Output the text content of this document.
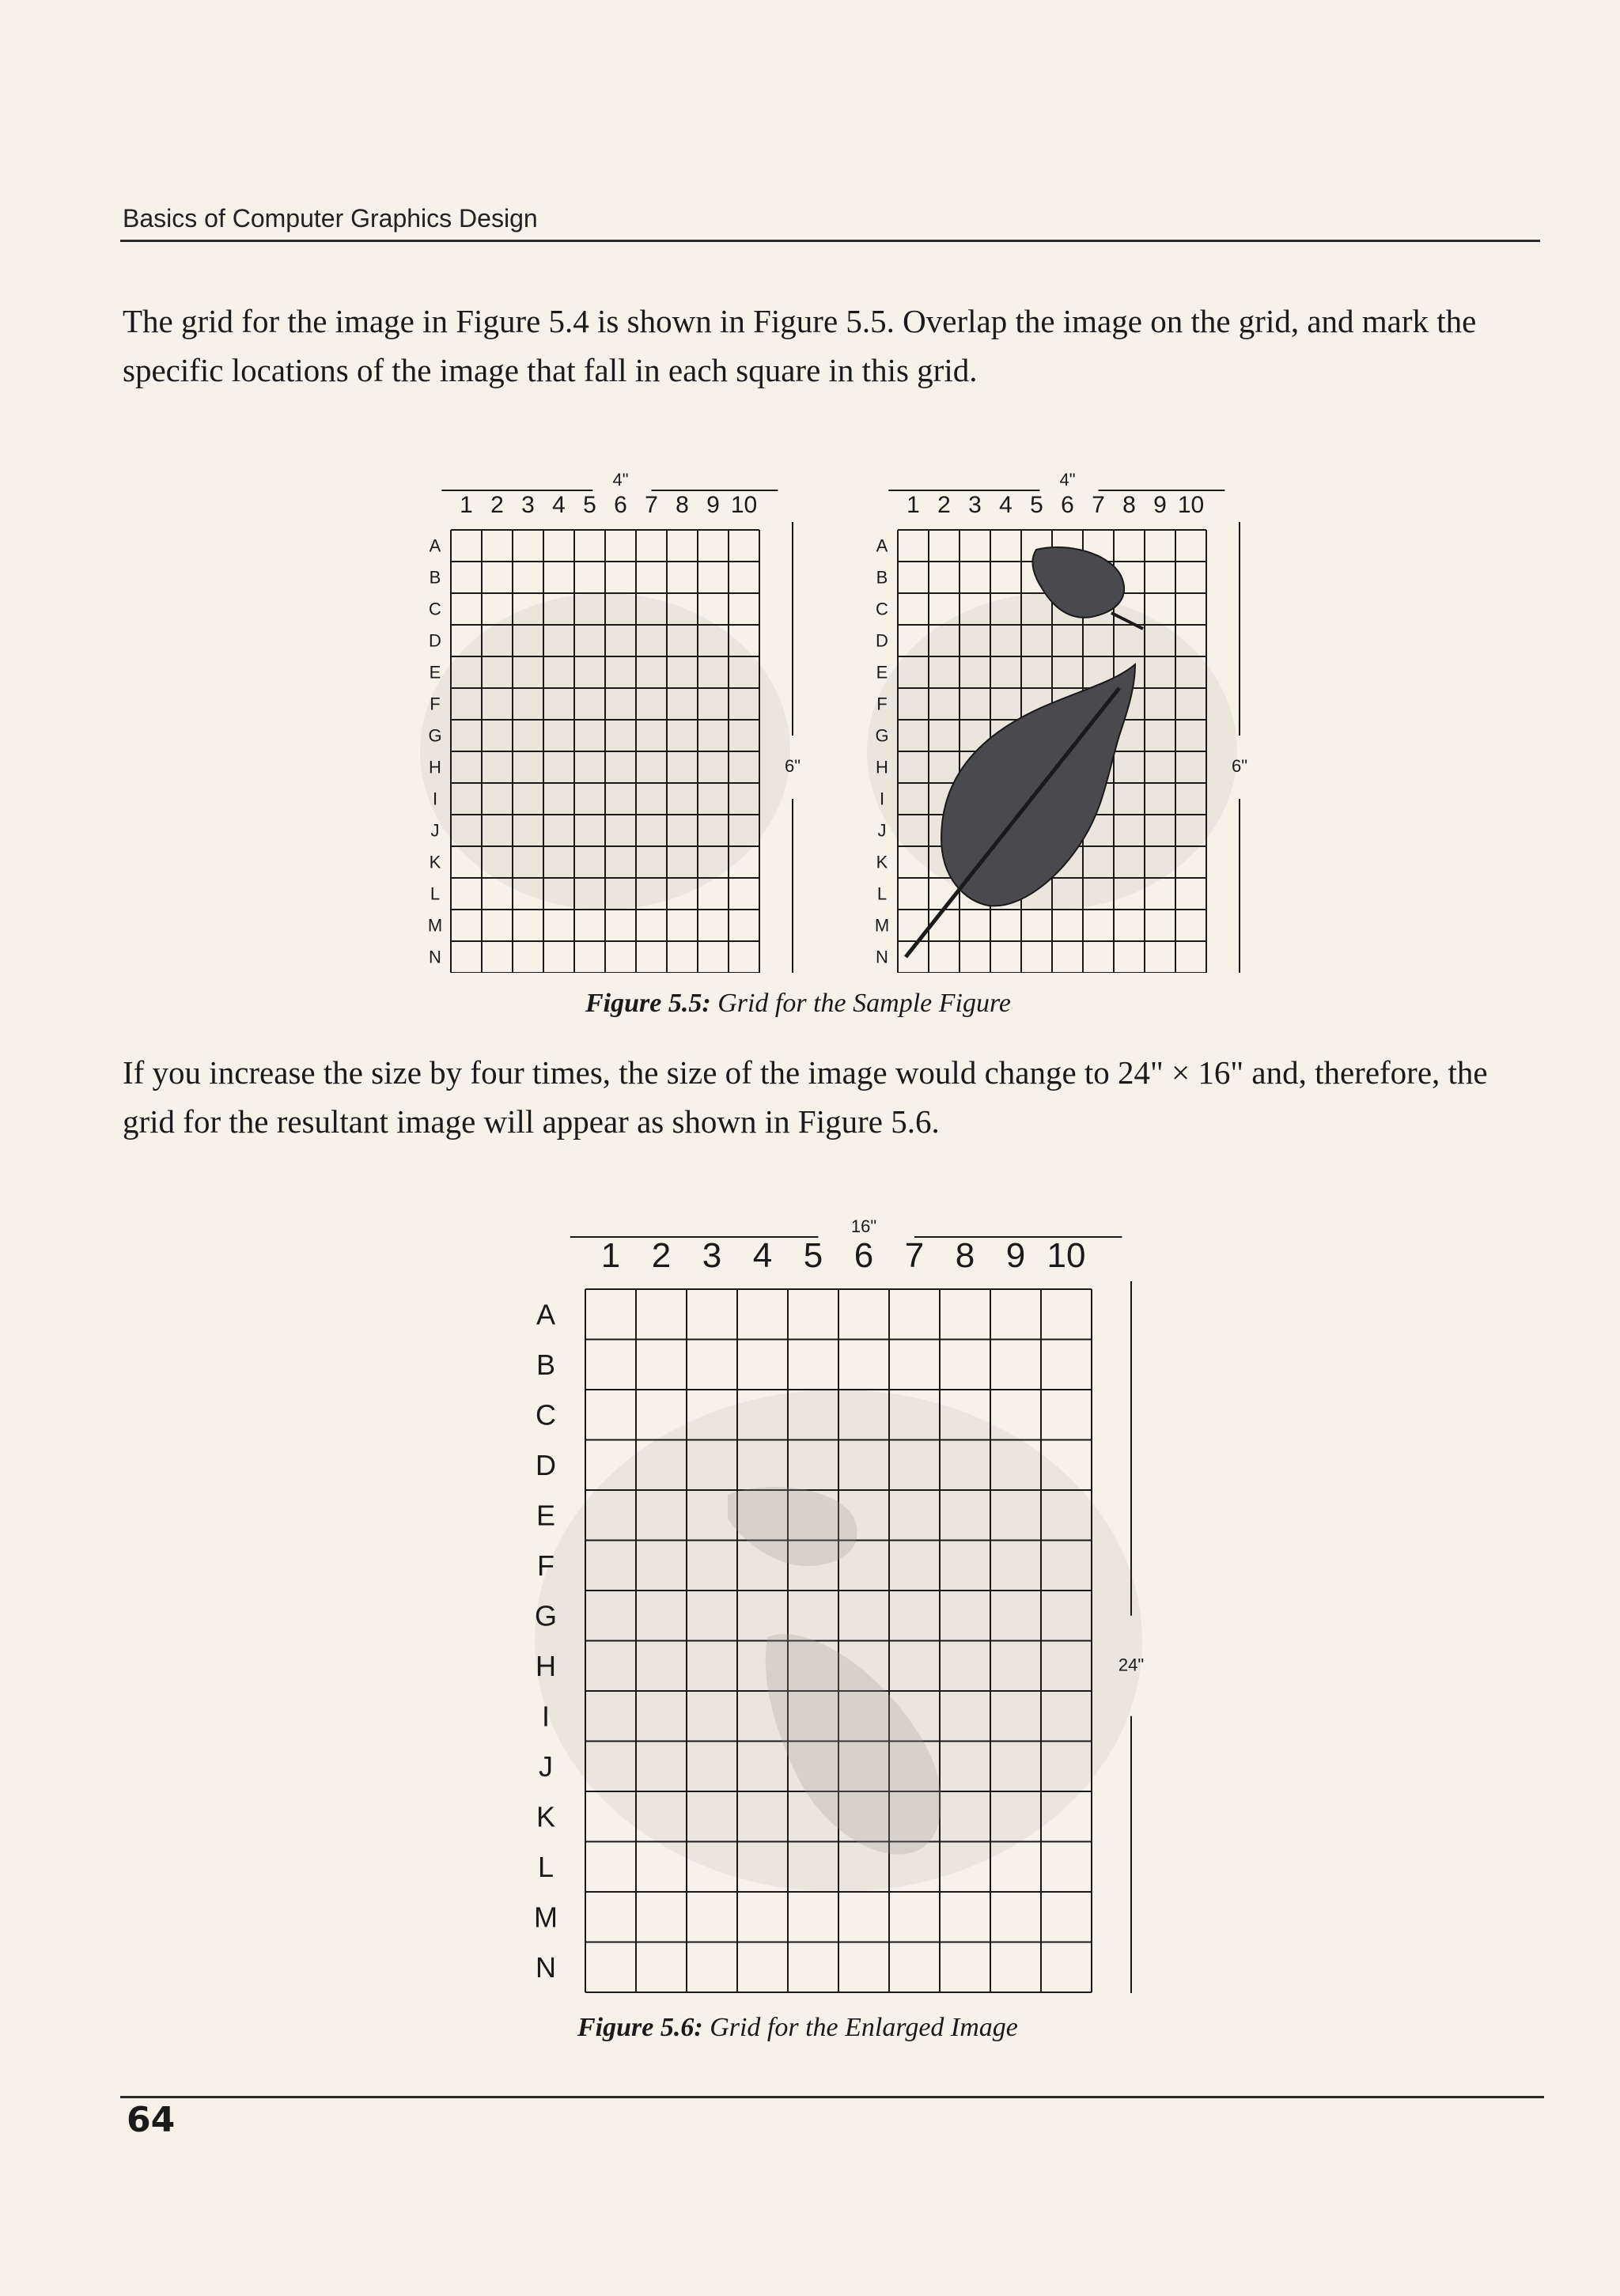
Basics of Computer Graphics Design
The grid for the image in Figure 5.4 is shown in Figure 5.5. Overlap the image on the grid, and mark the specific locations of the image that fall in each square in this grid.
4"
1 2 3 4 5 6 7 8 9 10
A
B
C
D
E
F
G
H
I
J
K
L
M
N
6"
4"
1 2 3 4 5 6 7 8 9 10
A
B
C
D
E
F
G
H
I
J
K
L
M
N
6"
Figure 5.5: Grid for the Sample Figure
If you increase the size by four times, the size of the image would change to 24" × 16" and, therefore, the grid for the resultant image will appear as shown in Figure 5.6.
16"
1 2 3 4 5 6 7 8 9 10
A
B
C
D
E
F
G
H
I
J
K
L
M
N
24"
Figure 5.6: Grid for the Enlarged Image
64
